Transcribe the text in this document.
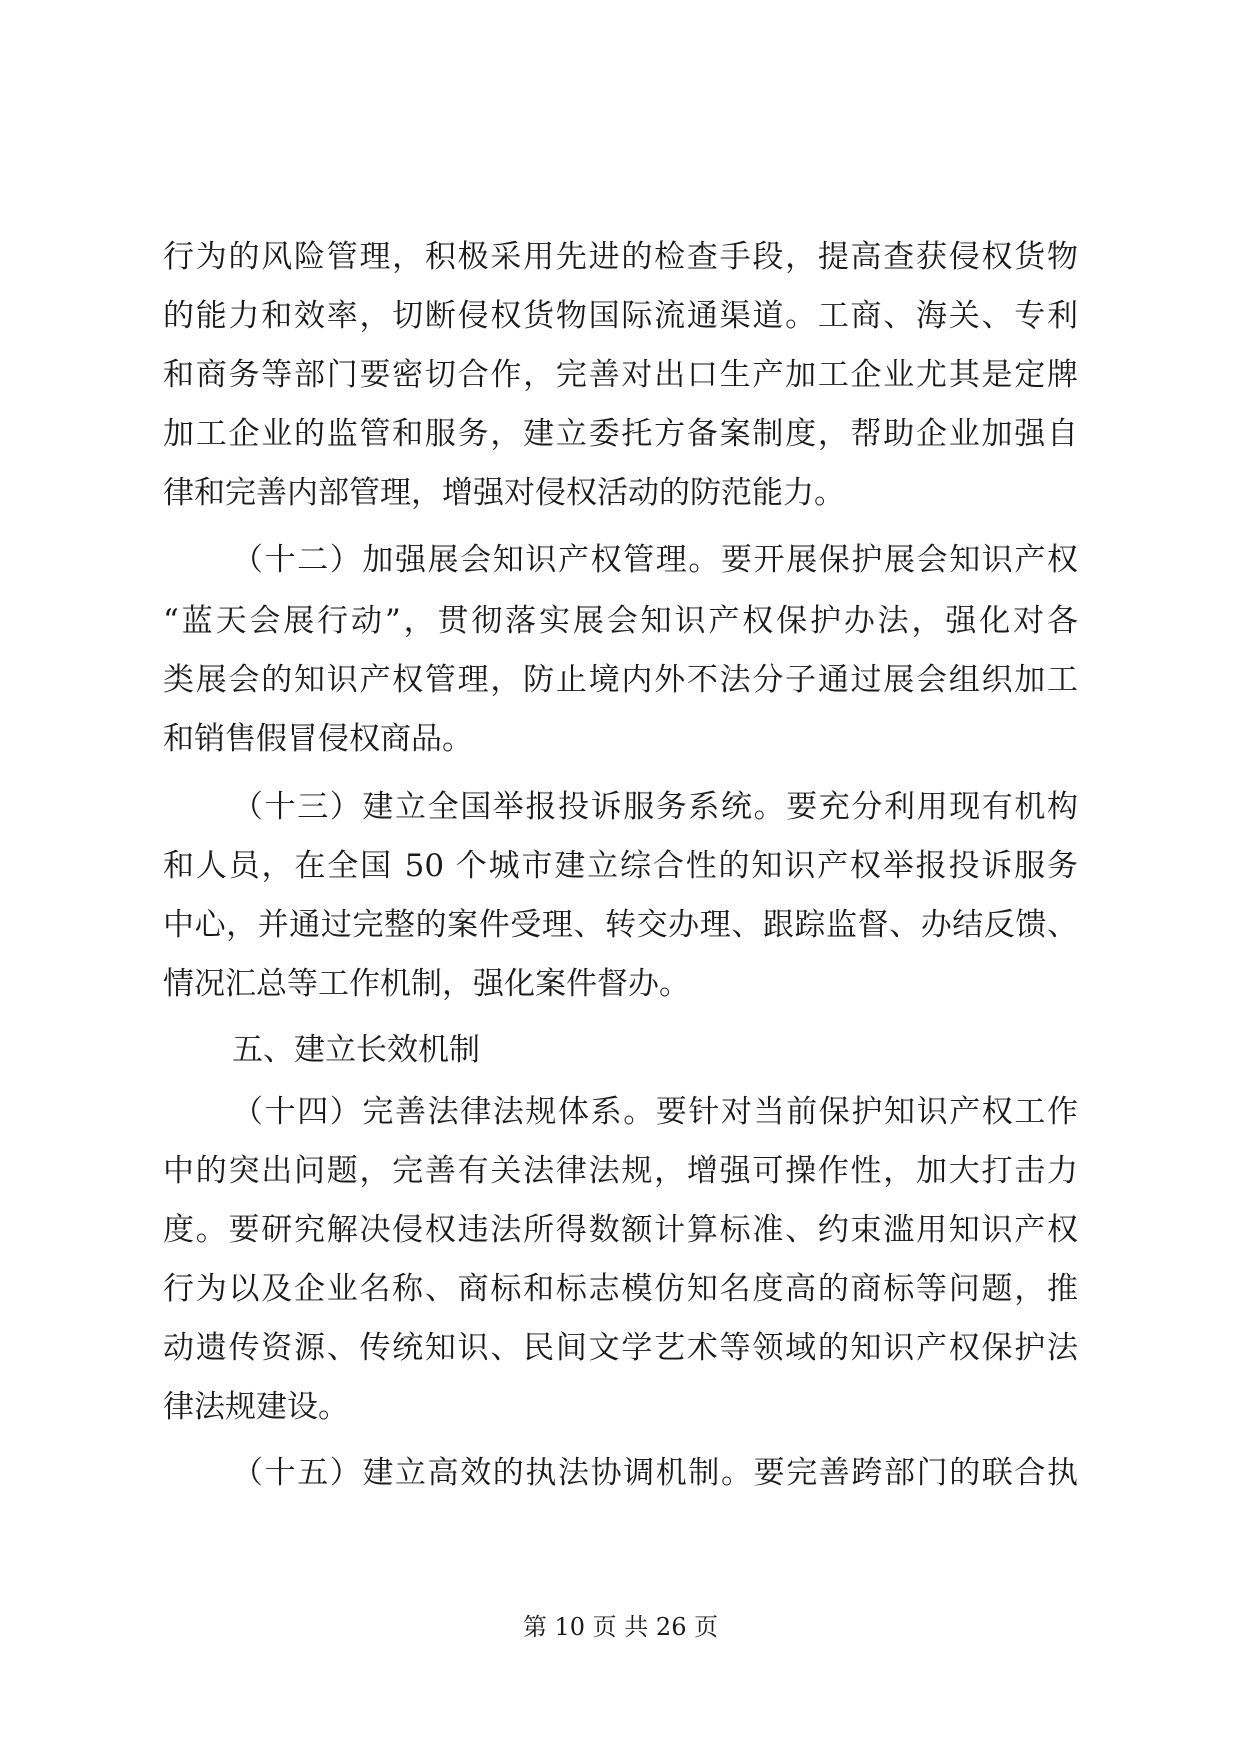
行为的风险管理，积极采用先进的检查手段，提高查获侵权货物
的能力和效率，切断侵权货物国际流通渠道。工商、海关、专利
和商务等部门要密切合作，完善对出口生产加工企业尤其是定牌
加工企业的监管和服务，建立委托方备案制度，帮助企业加强自
律和完善内部管理，增强对侵权活动的防范能力。
（十二）加强展会知识产权管理。要开展保护展会知识产权
“蓝天会展行动”，贯彻落实展会知识产权保护办法，强化对各
类展会的知识产权管理，防止境内外不法分子通过展会组织加工
和销售假冒侵权商品。
（十三）建立全国举报投诉服务系统。要充分利用现有机构
和人员，在全国 50 个城市建立综合性的知识产权举报投诉服务
中心，并通过完整的案件受理、转交办理、跟踪监督、办结反馈、
情况汇总等工作机制，强化案件督办。
五、建立长效机制
（十四）完善法律法规体系。要针对当前保护知识产权工作
中的突出问题，完善有关法律法规，增强可操作性，加大打击力
度。要研究解决侵权违法所得数额计算标准、约束滥用知识产权
行为以及企业名称、商标和标志模仿知名度高的商标等问题，推
动遗传资源、传统知识、民间文学艺术等领域的知识产权保护法
律法规建设。
（十五）建立高效的执法协调机制。要完善跨部门的联合执
第 10 页 共 26 页
